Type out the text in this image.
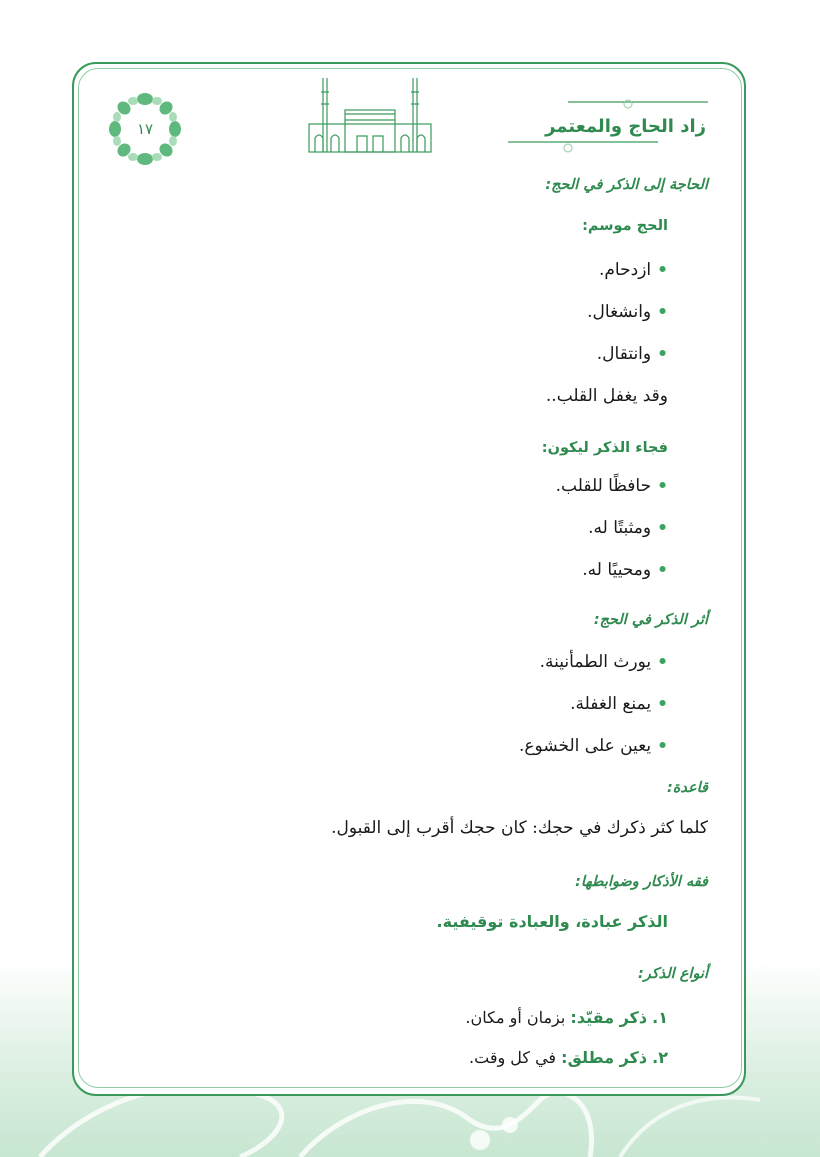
١٧	زاد الحاج والمعتمر
الحاجة إلى الذكر في الحج:
الحج موسم:
•ازدحام.
•وانشغال.
•وانتقال.
وقد يغفل القلب..
فجاء الذكر ليكون:
•حافظًا للقلب.
•ومثبتًا له.
•ومحييًا له.
أثر الذكر في الحج:
•يورث الطمأنينة.
•يمنع الغفلة.
•يعين على الخشوع.
قاعدة:
كلما كثر ذكرك في حجك: كان حجك أقرب إلى القبول.
فقه الأذكار وضوابطها:
الذكر عبادة، والعبادة توقيفية.
أنواع الذكر:
١. ذكر مقيّد: بزمان أو مكان.
٢. ذكر مطلق: في كل وقت.
